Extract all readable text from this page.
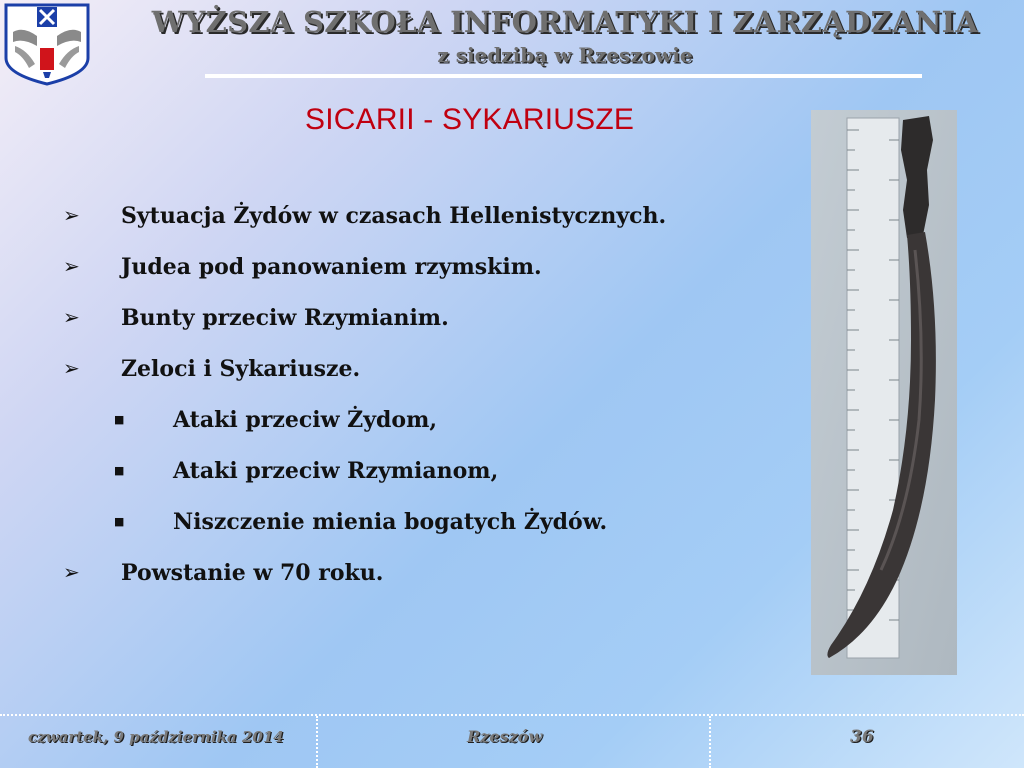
WYŻSZA SZKOŁA INFORMATYKI I ZARZĄDZANIA
z siedzibą w Rzeszowie
SICARII - SYKARIUSZE
➢ Sytuacja Żydów w czasach Hellenistycznych.
➢ Judea pod panowaniem rzymskim.
➢ Bunty przeciw Rzymianim.
➢ Zeloci i Sykariusze.
■ Ataki przeciw Żydom,
■ Ataki przeciw Rzymianom,
■ Niszczenie mienia bogatych Żydów.
➢ Powstanie w 70 roku.
czwartek, 9 października 2014	Rzeszów	36
